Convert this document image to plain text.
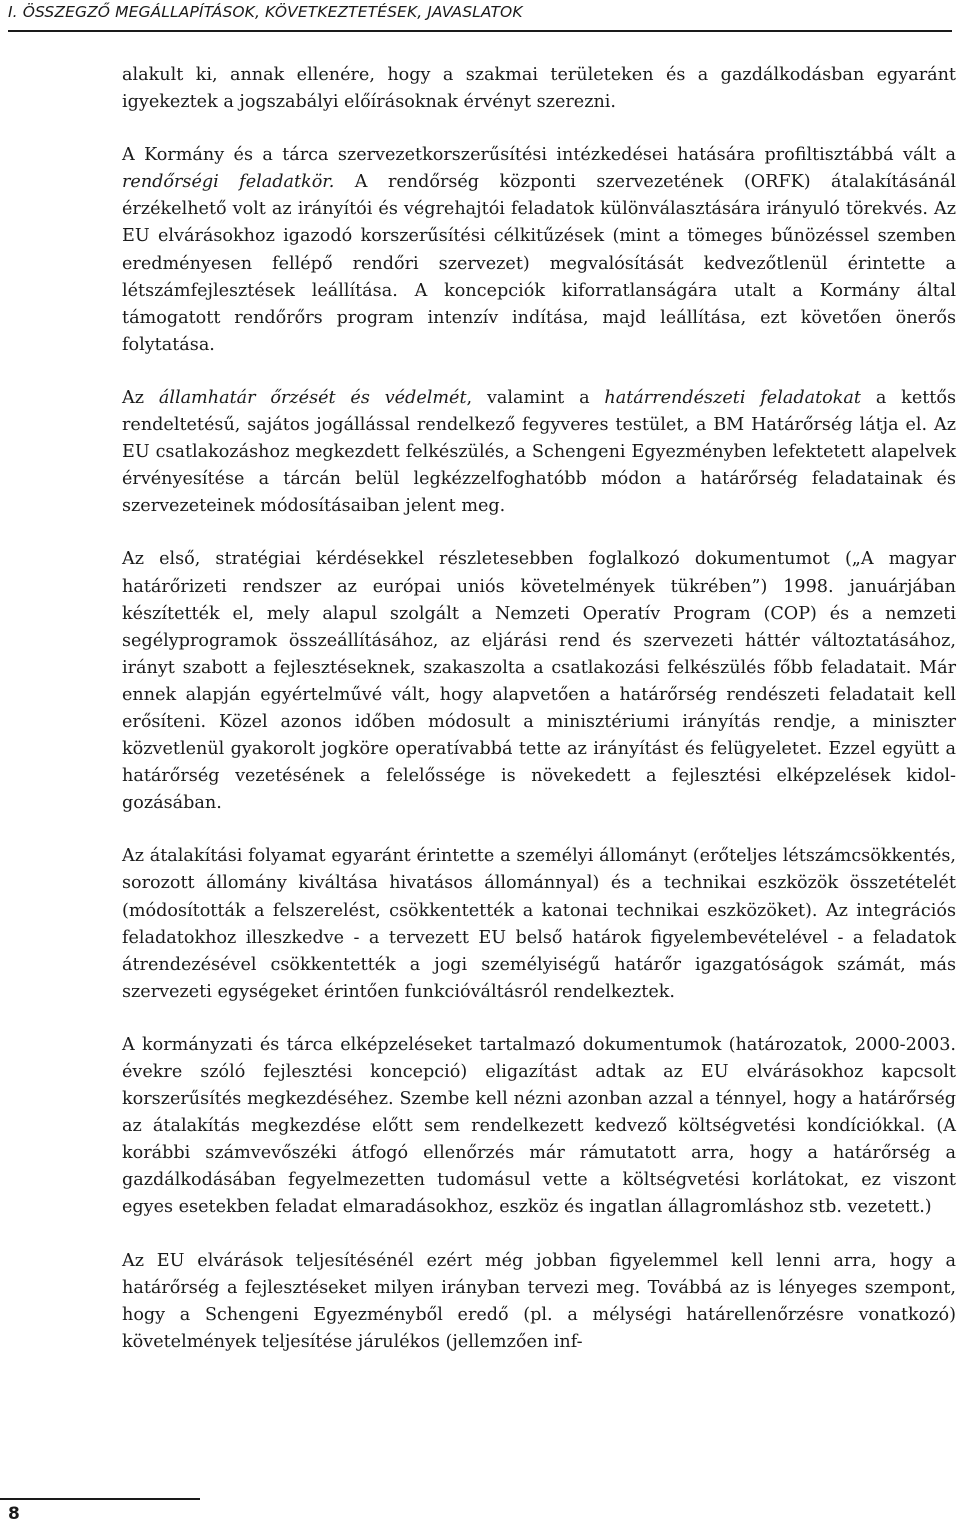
I. ÖSSZEGZŐ MEGÁLLAPÍTÁSOK, KÖVETKEZTETÉSEK, JAVASLATOK

alakult ki, annak ellenére, hogy a szakmai területeken és a gazdálkodásban egyaránt igyekeztek a jogszabályi előírásoknak érvényt szerezni.

A Kormány és a tárca szervezetkorszerűsítési intézkedései hatására profiltisztábbá vált a rendőrségi feladatkör. A rendőrség központi szervezetének (ORFK) átalakításánál érzékelhető volt az irányítói és végrehajtói feladatok különválasztására irányuló törekvés. Az EU elvárásokhoz igazodó korszerűsítési célkitűzések (mint a tömeges bűnözéssel szemben eredményesen fellépő rendőri szervezet) megvalósítását kedvezőtlenül érintette a létszámfejlesztések leállítása. A koncepciók kiforratlanságára utalt a Kormány által támogatott rendőrőrs program intenzív indítása, majd leállítása, ezt követően önerős folytatása.

Az államhatár őrzését és védelmét, valamint a határrendészeti feladatokat a kettős rendeltetésű, sajátos jogállással rendelkező fegyveres testület, a BM Határőrség látja el. Az EU csatlakozáshoz megkezdett felkészülés, a Schengeni Egyezményben lefektetett alapelvek érvényesítése a tárcán belül legkézzelfoghatóbb módon a határőrség feladatainak és szervezeteinek módosításaiban jelent meg.

Az első, stratégiai kérdésekkel részletesebben foglalkozó dokumentumot („A magyar határőrizeti rendszer az európai uniós követelmények tükrében”) 1998. januárjában készítették el, mely alapul szolgált a Nemzeti Operatív Program (COP) és a nemzeti segélyprogramok összeállításához, az eljárási rend és szervezeti háttér változtatásához, irányt szabott a fejlesztéseknek, szakaszolta a csatlakozási felkészülés főbb feladatait. Már ennek alapján egyértelművé vált, hogy alapvetően a határőrség rendészeti feladatait kell erősíteni. Közel azonos időben módosult a minisztériumi irányítás rendje, a miniszter közvetlenül gyakorolt jogköre operatívabbá tette az irányítást és felügyeletet. Ezzel együtt a határőrség vezetésének a felelőssége is növekedett a fejlesztési elképzelések kidolgozásában.

Az átalakítási folyamat egyaránt érintette a személyi állományt (erőteljes létszámcsökkentés, sorozott állomány kiváltása hivatásos állománnyal) és a technikai eszközök összetételét (módosították a felszerelést, csökkentették a katonai technikai eszközöket). Az integrációs feladatokhoz illeszkedve - a tervezett EU belső határok figyelembevételével - a feladatok átrendezésével csökkentették a jogi személyiségű határőr igazgatóságok számát, más szervezeti egységeket érintően funkcióváltásról rendelkeztek.

A kormányzati és tárca elképzeléseket tartalmazó dokumentumok (határozatok, 2000-2003. évekre szóló fejlesztési koncepció) eligazítást adtak az EU elvárásokhoz kapcsolt korszerűsítés megkezdéséhez. Szembe kell nézni azonban azzal a ténnyel, hogy a határőrség az átalakítás megkezdése előtt sem rendelkezett kedvező költségvetési kondíciókkal. (A korábbi számvevőszéki átfogó ellenőrzés már rámutatott arra, hogy a határőrség a gazdálkodásában fegyelmezetten tudomásul vette a költségvetési korlátokat, ez viszont egyes esetekben feladat elmaradásokhoz, eszköz és ingatlan állagromláshoz stb. vezetett.)

Az EU elvárások teljesítésénél ezért még jobban figyelemmel kell lenni arra, hogy a határőrség a fejlesztéseket milyen irányban tervezi meg. Továbbá az is lényeges szempont, hogy a Schengeni Egyezményből eredő (pl. a mélységi határellenőrzésre vonatkozó) követelmények teljesítése járulékos (jellemzően inf-

8
